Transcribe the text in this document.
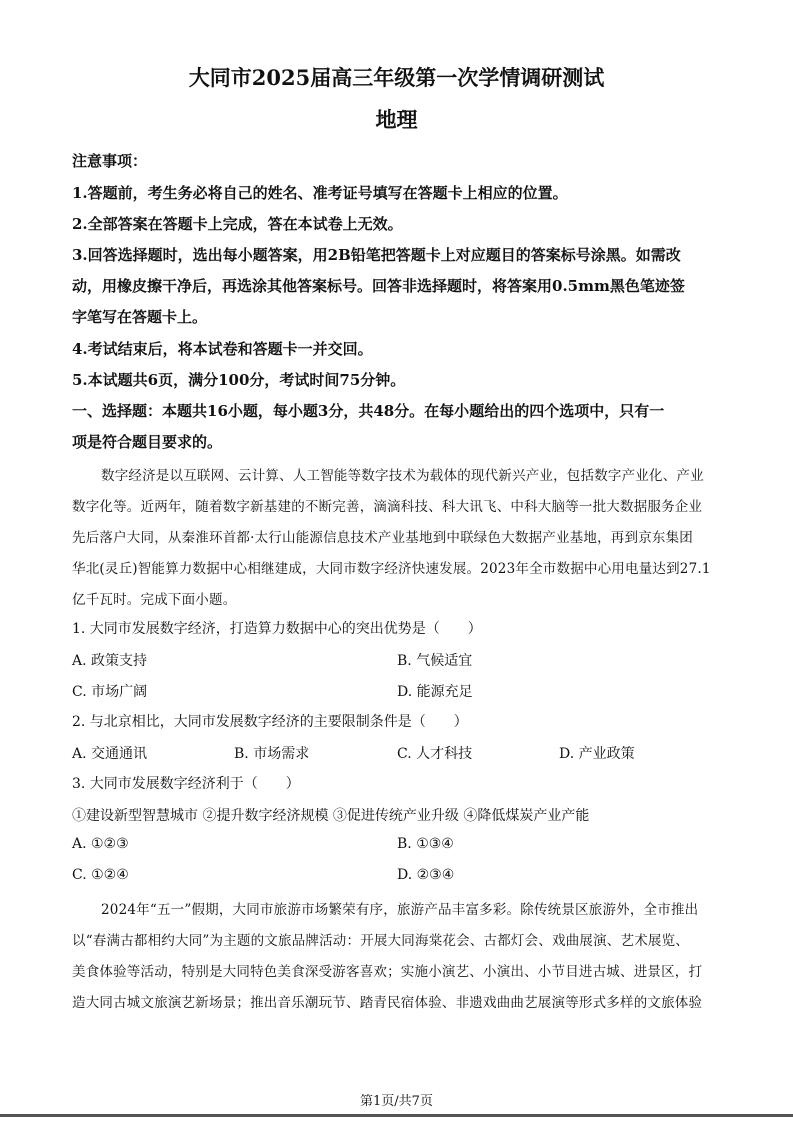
大同市2025届高三年级第一次学情调研测试
地理
注意事项：
1.答题前，考生务必将自己的姓名、准考证号填写在答题卡上相应的位置。
2.全部答案在答题卡上完成，答在本试卷上无效。
3.回答选择题时，选出每小题答案，用2B铅笔把答题卡上对应题目的答案标号涂黑。如需改
动，用橡皮擦干净后，再选涂其他答案标号。回答非选择题时，将答案用0.5mm黑色笔迹签
字笔写在答题卡上。
4.考试结束后，将本试卷和答题卡一并交回。
5.本试题共6页，满分100分，考试时间75分钟。
一、选择题：本题共16小题，每小题3分，共48分。在每小题给出的四个选项中，只有一
项是符合题目要求的。
数字经济是以互联网、云计算、人工智能等数字技术为载体的现代新兴产业，包括数字产业化、产业
数字化等。近两年，随着数字新基建的不断完善，滴滴科技、科大讯飞、中科大脑等一批大数据服务企业
先后落户大同，从秦淮环首都·太行山能源信息技术产业基地到中联绿色大数据产业基地，再到京东集团
华北(灵丘)智能算力数据中心相继建成，大同市数字经济快速发展。2023年全市数据中心用电量达到27.1
亿千瓦时。完成下面小题。
1. 大同市发展数字经济，打造算力数据中心的突出优势是（　　）
A. 政策支持	B. 气候适宜
C. 市场广阔	D. 能源充足
2. 与北京相比，大同市发展数字经济的主要限制条件是（　　）
A. 交通通讯	B. 市场需求	C. 人才科技	D. 产业政策
3. 大同市发展数字经济利于（　　）
①建设新型智慧城市 ②提升数字经济规模 ③促进传统产业升级 ④降低煤炭产业产能
A. ①②③	B. ①③④
C. ①②④	D. ②③④
2024年“五一”假期，大同市旅游市场繁荣有序，旅游产品丰富多彩。除传统景区旅游外，全市推出
以“春满古都相约大同”为主题的文旅品牌活动：开展大同海棠花会、古都灯会、戏曲展演、艺术展览、
美食体验等活动，特别是大同特色美食深受游客喜欢；实施小演艺、小演出、小节目进古城、进景区，打
造大同古城文旅演艺新场景；推出音乐潮玩节、踏青民宿体验、非遗戏曲曲艺展演等形式多样的文旅体验
第1页/共7页
